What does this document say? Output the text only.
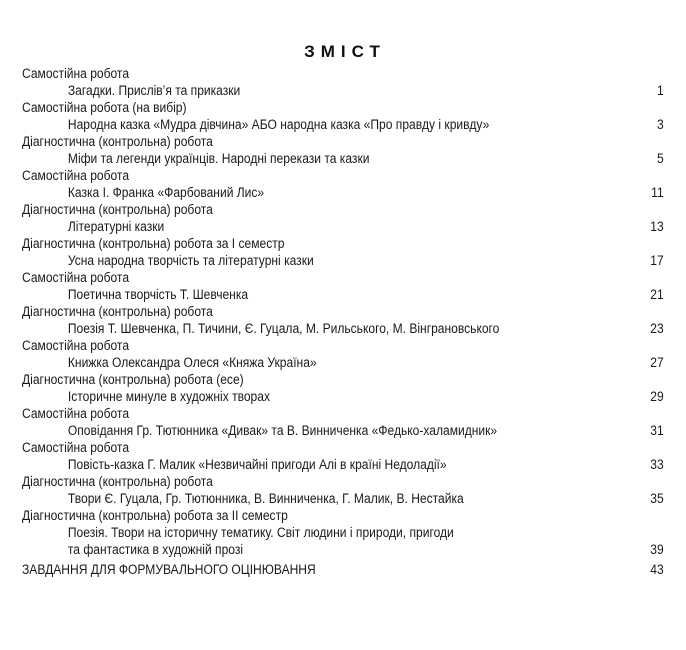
ЗМІСТ
Самостійна робота
Загадки. Прислів’я та приказки	1
Самостійна робота (на вибір)
Народна казка «Мудра дівчина» АБО народна казка «Про правду і кривду»	3
Діагностична (контрольна) робота
Міфи та легенди українців. Народні перекази та казки	5
Самостійна робота
Казка І. Франка «Фарбований Лис»	11
Діагностична (контрольна) робота
Літературні казки	13
Діагностична (контрольна) робота за І семестр
Усна народна творчість та літературні казки	17
Самостійна робота
Поетична творчість Т. Шевченка	21
Діагностична (контрольна) робота
Поезія Т. Шевченка, П. Тичини, Є. Гуцала, М. Рильського, М. Вінграновського	23
Самостійна робота
Книжка Олександра Олеся «Княжа Україна»	27
Діагностична (контрольна) робота (есе)
Історичне минуле в художніх творах	29
Самостійна робота
Оповідання Гр. Тютюнника «Дивак» та В. Винниченка «Федько-халамидник»	31
Самостійна робота
Повість-казка Г. Малик «Незвичайні пригоди Алі в країні Недоладії»	33
Діагностична (контрольна) робота
Твори Є. Гуцала, Гр. Тютюнника, В. Винниченка, Г. Малик, В. Нестайка	35
Діагностична (контрольна) робота за ІІ семестр
Поезія. Твори на історичну тематику. Світ людини і природи, пригоди
та фантастика в художній прозі	39
ЗАВДАННЯ ДЛЯ ФОРМУВАЛЬНОГО ОЦІНЮВАННЯ	43
